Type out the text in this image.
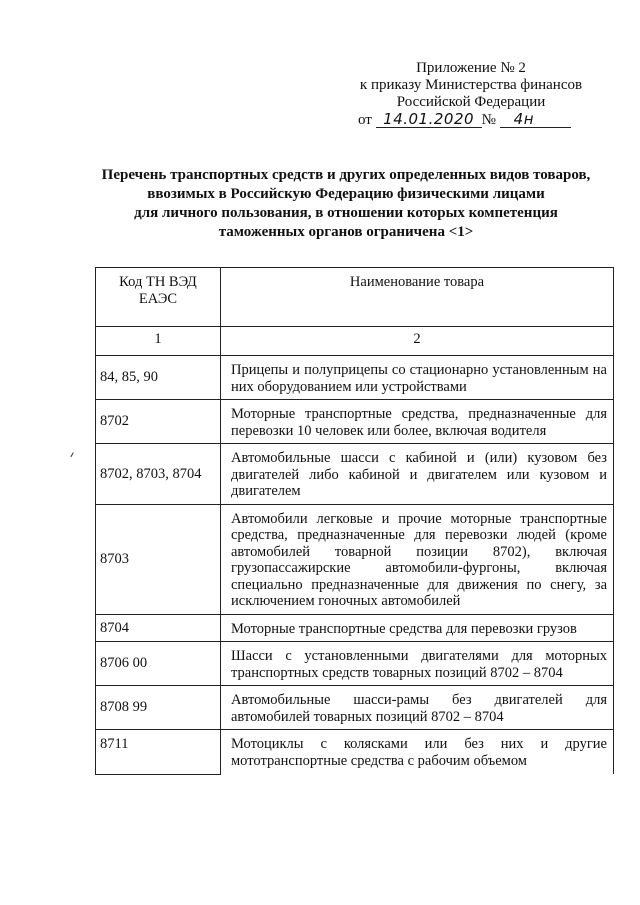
Приложение № 2
к приказу Министерства финансов
Российской Федерации
от 14.01.2020 № 4н
Перечень транспортных средств и других определенных видов товаров,
ввозимых в Российскую Федерацию физическими лицами
для личного пользования, в отношении которых компетенция
таможенных органов ограничена <1>
Код ТН ВЭД ЕАЭС	Наименование товара
1	2
84, 85, 90	Прицепы и полуприцепы со стационарно установленным на них оборудованием или устройствами
8702	Моторные транспортные средства, предназначенные для перевозки 10 человек или более, включая водителя
8702, 8703, 8704	Автомобильные шасси с кабиной и (или) кузовом без двигателей либо кабиной и двигателем или кузовом и двигателем
8703	Автомобили легковые и прочие моторные транспортные средства, предназначенные для перевозки людей (кроме автомобилей товарной позиции 8702), включая грузопассажирские автомобили-фургоны, включая специально предназначенные для движения по снегу, за исключением гоночных автомобилей
8704	Моторные транспортные средства для перевозки грузов
8706 00	Шасси с установленными двигателями для моторных транспортных средств товарных позиций 8702 – 8704
8708 99	Автомобильные шасси-рамы без двигателей для автомобилей товарных позиций 8702 – 8704
8711	Мотоциклы с колясками или без них и другие мототранспортные средства с рабочим объемом
